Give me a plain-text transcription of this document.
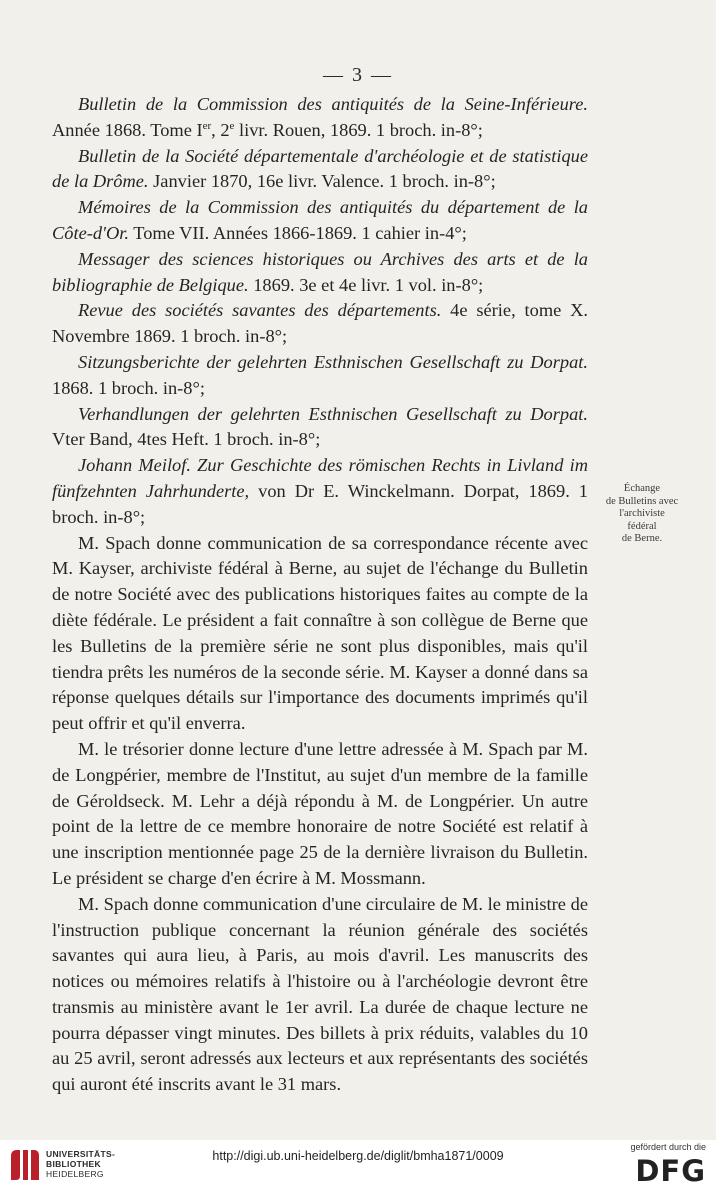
— 3 —

Bulletin de la Commission des antiquités de la Seine-Inférieure. Année 1868. Tome Ier, 2e livr. Rouen, 1869. 1 broch. in-8°;

Bulletin de la Société départementale d'archéologie et de statistique de la Drôme. Janvier 1870, 16e livr. Valence. 1 broch. in-8°;

Mémoires de la Commission des antiquités du département de la Côte-d'Or. Tome VII. Années 1866-1869. 1 cahier in-4°;

Messager des sciences historiques ou Archives des arts et de la bibliographie de Belgique. 1869. 3e et 4e livr. 1 vol. in-8°;

Revue des sociétés savantes des départements. 4e série, tome X. Novembre 1869. 1 broch. in-8°;

Sitzungsberichte der gelehrten Esthnischen Gesellschaft zu Dorpat. 1868. 1 broch. in-8°;

Verhandlungen der gelehrten Esthnischen Gesellschaft zu Dorpat. Vter Band, 4tes Heft. 1 broch. in-8°;

Johann Meilof. Zur Geschichte des römischen Rechts in Livland im fünfzehnten Jahrhunderte, von Dr E. Winckelmann. Dorpat, 1869. 1 broch. in-8°;

M. Spach donne communication de sa correspondance récente avec M. Kayser, archiviste fédéral à Berne, au sujet de l'échange du Bulletin de notre Société avec des publications historiques faites au compte de la diète fédérale. Le président a fait connaître à son collègue de Berne que les Bulletins de la première série ne sont plus disponibles, mais qu'il tiendra prêts les numéros de la seconde série. M. Kayser a donné dans sa réponse quelques détails sur l'importance des documents imprimés qu'il peut offrir et qu'il enverra.

M. le trésorier donne lecture d'une lettre adressée à M. Spach par M. de Longpérier, membre de l'Institut, au sujet d'un membre de la famille de Géroldseck. M. Lehr a déjà répondu à M. de Longpérier. Un autre point de la lettre de ce membre honoraire de notre Société est relatif à une inscription mentionnée page 25 de la dernière livraison du Bulletin. Le président se charge d'en écrire à M. Mossmann.

M. Spach donne communication d'une circulaire de M. le ministre de l'instruction publique concernant la réunion générale des sociétés savantes qui aura lieu, à Paris, au mois d'avril. Les manuscrits des notices ou mémoires relatifs à l'histoire ou à l'archéologie devront être transmis au ministère avant le 1er avril. La durée de chaque lecture ne pourra dépasser vingt minutes. Des billets à prix réduits, valables du 10 au 25 avril, seront adressés aux lecteurs et aux représentants des sociétés qui auront été inscrits avant le 31 mars.

Échange
de Bulletins avec
l'archiviste fédéral
de Berne.
UNIVERSITÄTS-
BIBLIOTHEK
HEIDELBERG
http://digi.ub.uni-heidelberg.de/diglit/bmha1871/0009
gefördert durch die
DFG
